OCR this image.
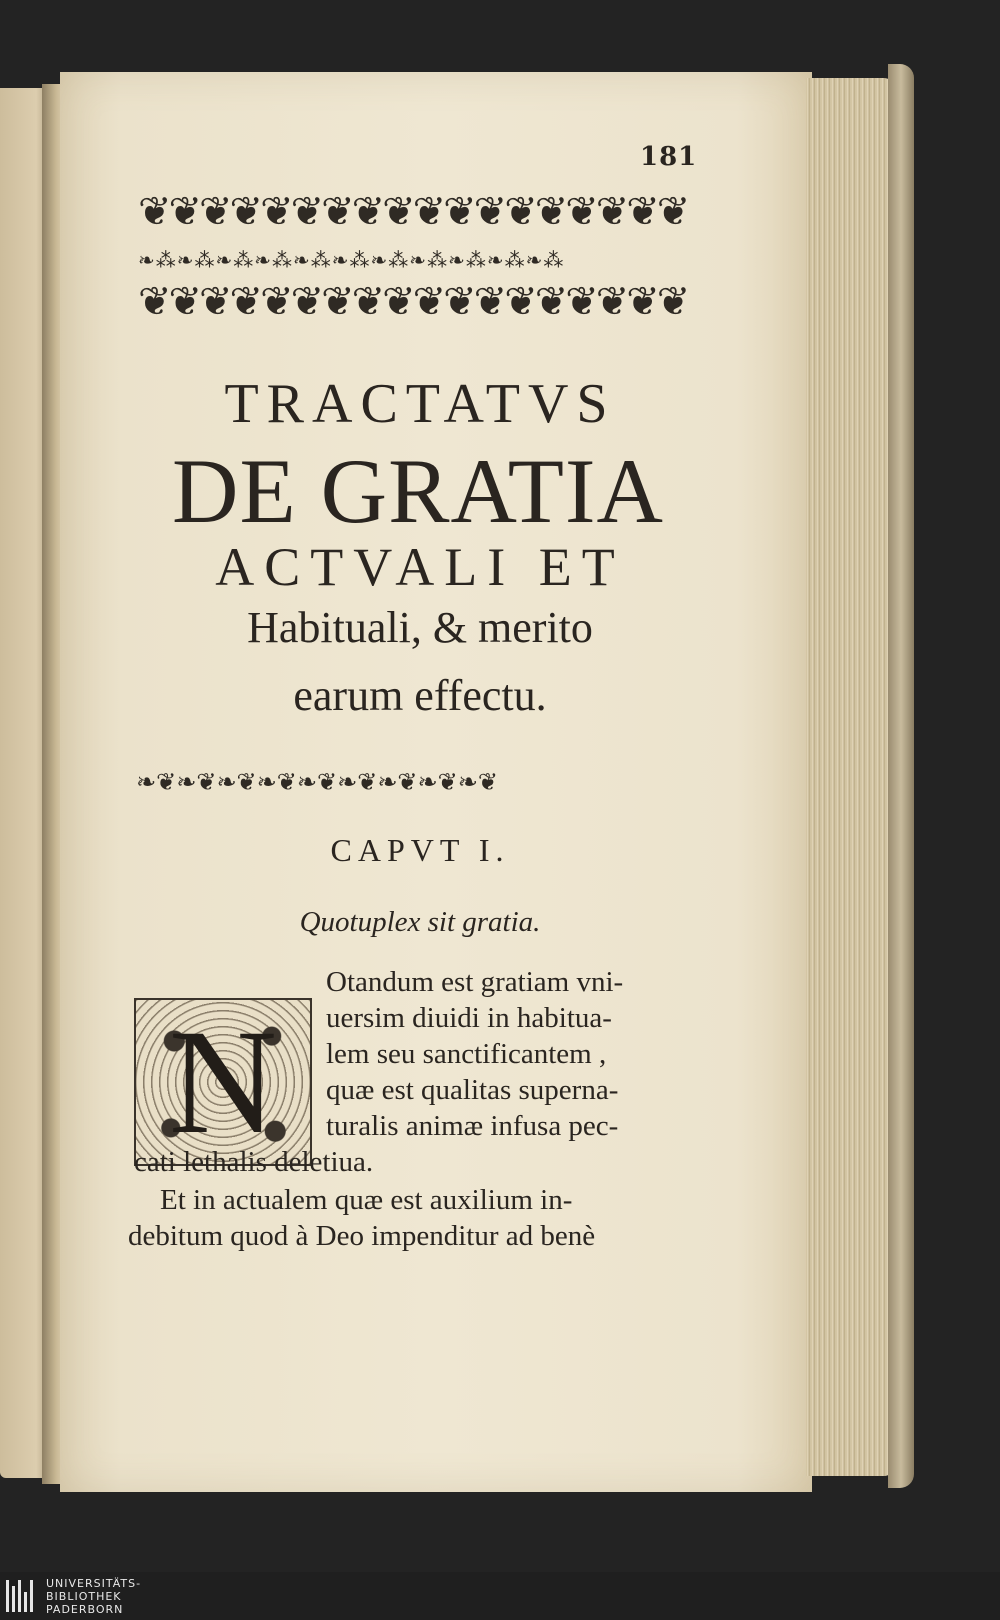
181
❦❦❦❦❦❦❦❦❦❦❦❦❦❦❦❦❦❦
❧⁂❧⁂❧⁂❧⁂❧⁂❧⁂❧⁂❧⁂❧⁂❧⁂❧⁂
❦❦❦❦❦❦❦❦❦❦❦❦❦❦❦❦❦❦
TRACTATVS
DE GRATIA
ACTVALI ET
Habituali, & merito
earum effectu.
❧❦❧❦❧❦❧❦❧❦❧❦❧❦❧❦❧❦
CAPVT I.
Quotuplex sit gratia.
N
Otandum est gratiam vni-
uersim diuidi in habitua-
lem seu sanctificantem ,
quæ est qualitas superna-
turalis animæ infusa pec-
cati lethalis deletiua.
Et in actualem quæ est auxilium in-
debitum quod à Deo impenditur ad benè
UNIVERSITÄTS-
BIBLIOTHEK
PADERBORN
